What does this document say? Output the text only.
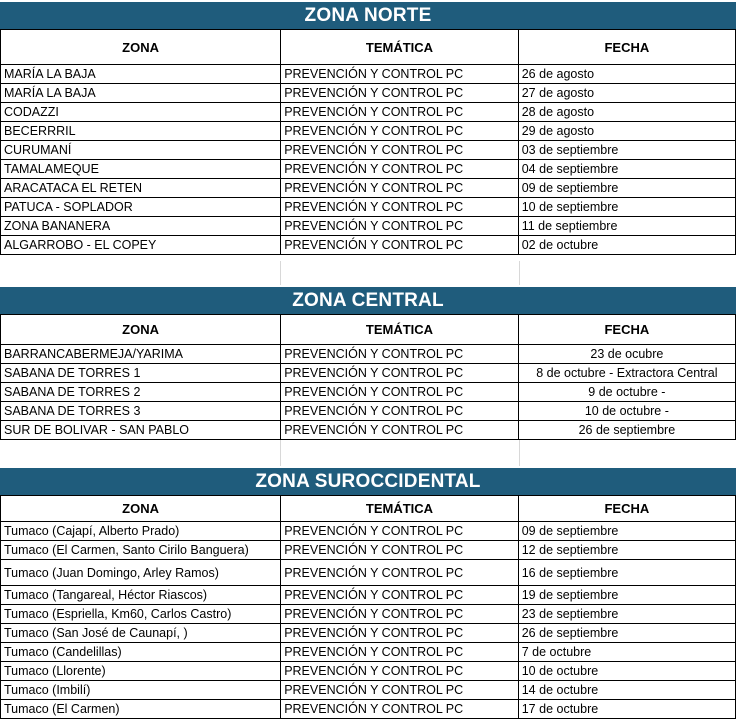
ZONA NORTE
ZONA	TEMÁTICA	FECHA
MARÍA LA BAJA	PREVENCIÓN Y CONTROL PC	26 de agosto
MARÍA LA BAJA	PREVENCIÓN Y CONTROL PC	27 de agosto
CODAZZI	PREVENCIÓN Y CONTROL PC	28 de agosto
BECERRRIL	PREVENCIÓN Y CONTROL PC	29 de agosto
CURUMANÍ	PREVENCIÓN Y CONTROL PC	03 de septiembre
TAMALAMEQUE	PREVENCIÓN Y CONTROL PC	04 de septiembre
ARACATACA EL RETEN	PREVENCIÓN Y CONTROL PC	09 de septiembre
PATUCA - SOPLADOR	PREVENCIÓN Y CONTROL PC	10 de septiembre
ZONA BANANERA	PREVENCIÓN Y CONTROL PC	11 de septiembre
ALGARROBO - EL COPEY	PREVENCIÓN Y CONTROL PC	02 de octubre
ZONA CENTRAL
ZONA	TEMÁTICA	FECHA
BARRANCABERMEJA/YARIMA	PREVENCIÓN Y CONTROL PC	23 de ocubre
SABANA DE TORRES 1	PREVENCIÓN Y CONTROL PC	8 de octubre - Extractora Central
SABANA DE TORRES 2	PREVENCIÓN Y CONTROL PC	9 de octubre -
SABANA DE TORRES 3	PREVENCIÓN Y CONTROL PC	10 de octubre -
SUR DE BOLIVAR - SAN PABLO	PREVENCIÓN Y CONTROL PC	26 de septiembre
ZONA SUROCCIDENTAL
ZONA	TEMÁTICA	FECHA
Tumaco (Cajapí, Alberto Prado)	PREVENCIÓN Y CONTROL PC	09 de septiembre
Tumaco (El Carmen, Santo Cirilo Banguera)	PREVENCIÓN Y CONTROL PC	12 de septiembre
Tumaco (Juan Domingo, Arley Ramos)	PREVENCIÓN Y CONTROL PC	16 de septiembre
Tumaco (Tangareal, Héctor Riascos)	PREVENCIÓN Y CONTROL PC	19 de septiembre
Tumaco (Espriella, Km60, Carlos Castro)	PREVENCIÓN Y CONTROL PC	23 de septiembre
Tumaco (San José de Caunapí, )	PREVENCIÓN Y CONTROL PC	26 de septiembre
Tumaco (Candelillas)	PREVENCIÓN Y CONTROL PC	7 de octubre
Tumaco (Llorente)	PREVENCIÓN Y CONTROL PC	10 de octubre
Tumaco (Imbilí)	PREVENCIÓN Y CONTROL PC	14 de octubre
Tumaco (El Carmen)	PREVENCIÓN Y CONTROL PC	17 de octubre
